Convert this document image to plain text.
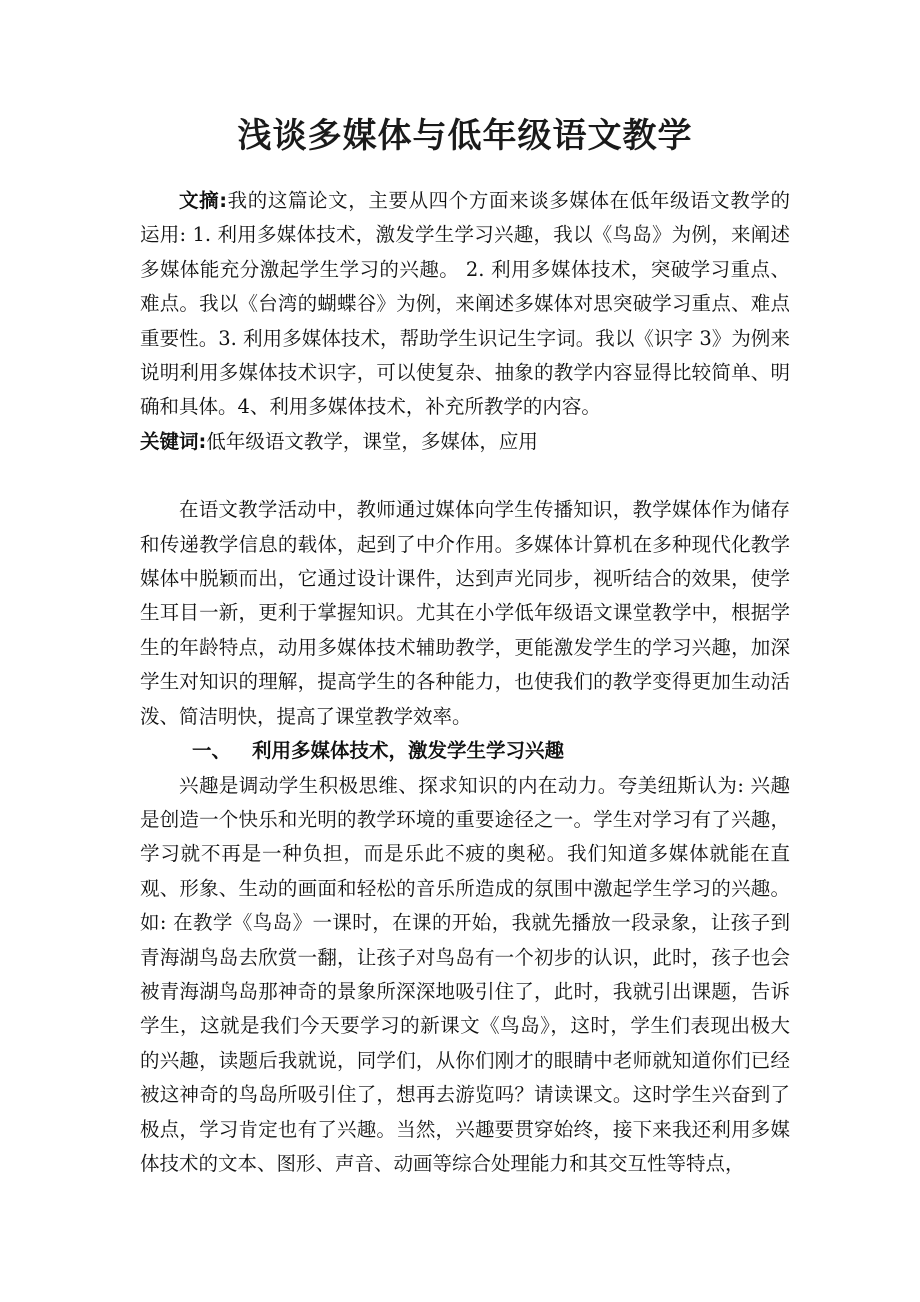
浅谈多媒体与低年级语文教学

文摘:我的这篇论文，主要从四个方面来谈多媒体在低年级语文教学的运用: 1. 利用多媒体技术，激发学生学习兴趣，我以《鸟岛》为例，来阐述多媒体能充分激起学生学习的兴趣。 2. 利用多媒体技术，突破学习重点、难点。我以《台湾的蝴蝶谷》为例，来阐述多媒体对思突破学习重点、难点重要性。3. 利用多媒体技术，帮助学生识记生字词。我以《识字 3》为例来说明利用多媒体技术识字，可以使复杂、抽象的教学内容显得比较简单、明确和具体。4、利用多媒体技术，补充所教学的内容。

关键词:低年级语文教学，课堂，多媒体，应用

在语文教学活动中，教师通过媒体向学生传播知识，教学媒体作为储存和传递教学信息的载体，起到了中介作用。多媒体计算机在多种现代化教学媒体中脱颖而出，它通过设计课件，达到声光同步，视听结合的效果，使学生耳目一新，更利于掌握知识。尤其在小学低年级语文课堂教学中，根据学生的年龄特点，动用多媒体技术辅助教学，更能激发学生的学习兴趣，加深学生对知识的理解，提高学生的各种能力，也使我们的教学变得更加生动活泼、简洁明快，提高了课堂教学效率。

一、 利用多媒体技术，激发学生学习兴趣

兴趣是调动学生积极思维、探求知识的内在动力。夸美纽斯认为: 兴趣是创造一个快乐和光明的教学环境的重要途径之一。学生对学习有了兴趣，学习就不再是一种负担，而是乐此不疲的奥秘。我们知道多媒体就能在直观、形象、生动的画面和轻松的音乐所造成的氛围中激起学生学习的兴趣。如: 在教学《鸟岛》一课时，在课的开始，我就先播放一段录象，让孩子到青海湖鸟岛去欣赏一翻，让孩子对鸟岛有一个初步的认识，此时，孩子也会被青海湖鸟岛那神奇的景象所深深地吸引住了，此时，我就引出课题，告诉学生，这就是我们今天要学习的新课文《鸟岛》，这时，学生们表现出极大的兴趣，读题后我就说，同学们，从你们刚才的眼睛中老师就知道你们已经被这神奇的鸟岛所吸引住了，想再去游览吗？请读课文。这时学生兴奋到了极点，学习肯定也有了兴趣。当然，兴趣要贯穿始终，接下来我还利用多媒体技术的文本、图形、声音、动画等综合处理能力和其交互性等特点，
